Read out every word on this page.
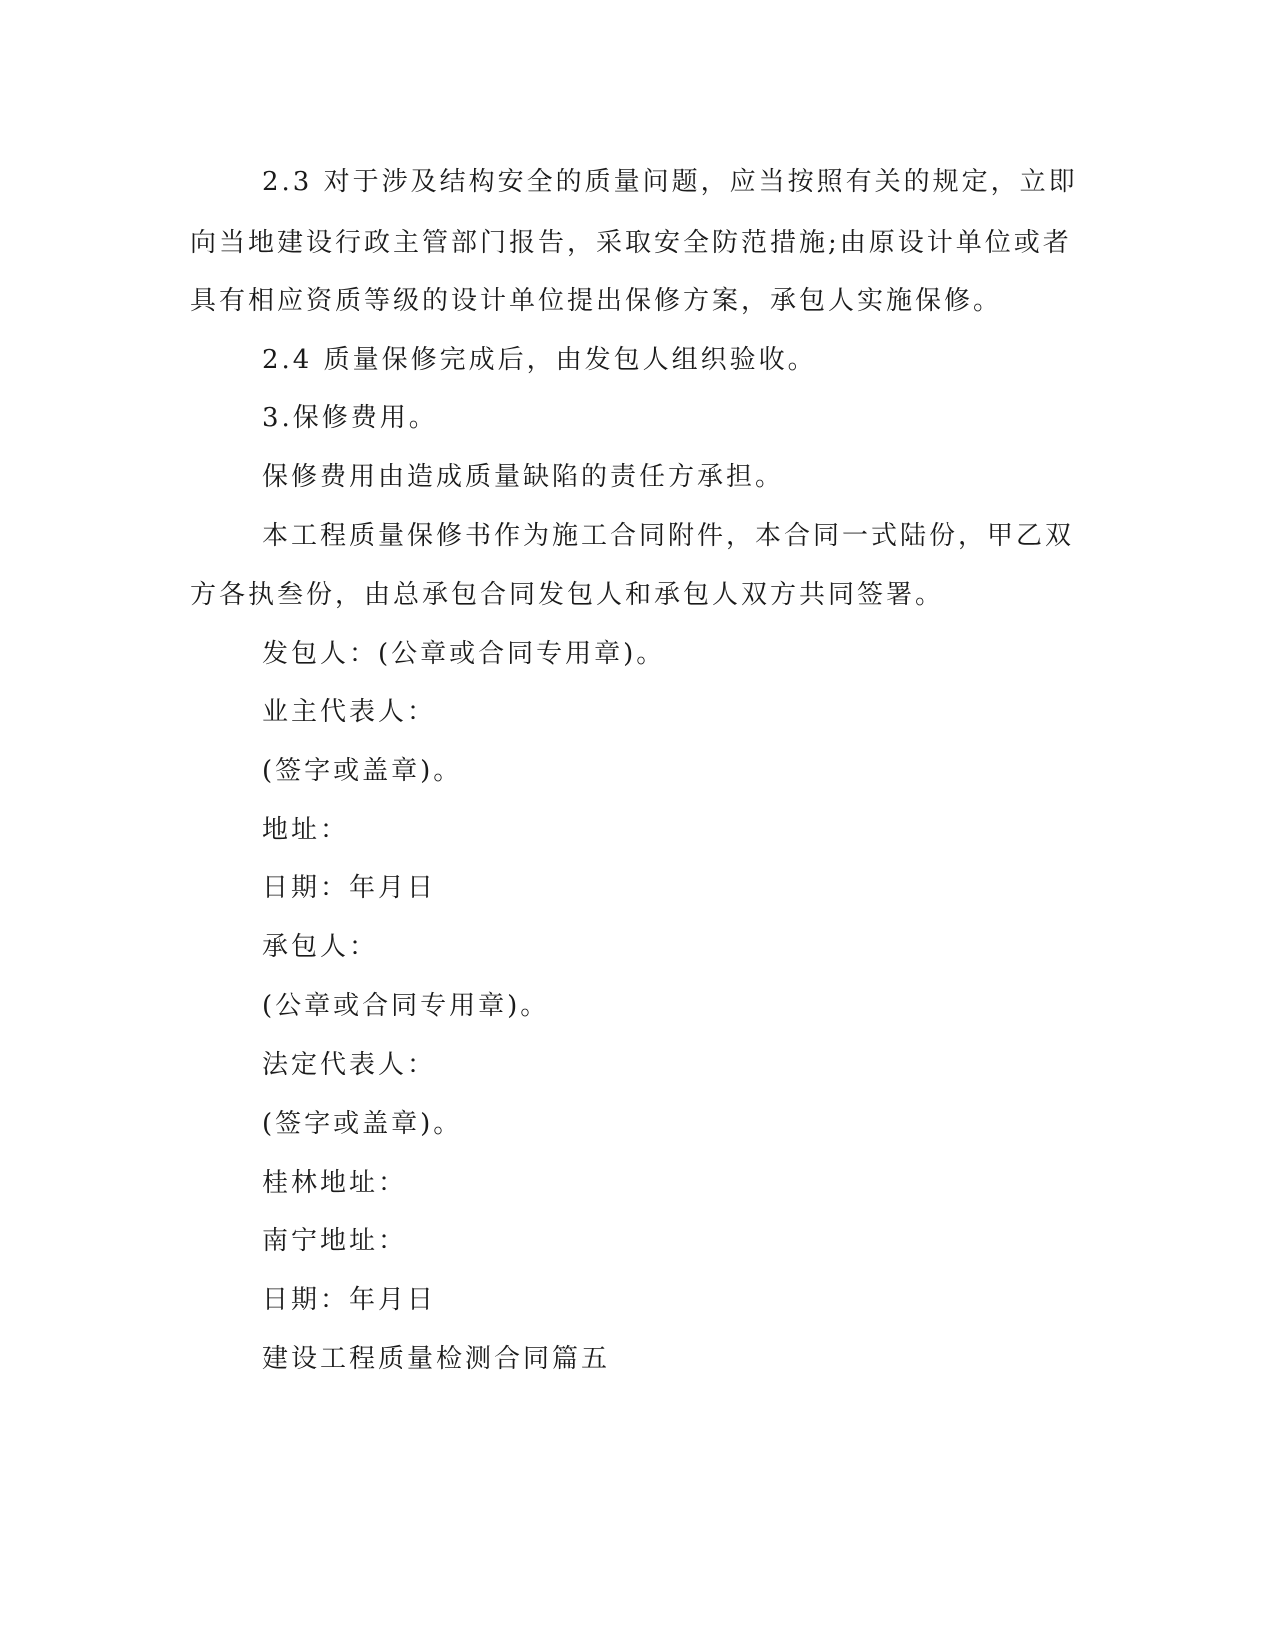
2.3 对于涉及结构安全的质量问题，应当按照有关的规定，立即
向当地建设行政主管部门报告，采取安全防范措施;由原设计单位或者
具有相应资质等级的设计单位提出保修方案，承包人实施保修。
2.4 质量保修完成后，由发包人组织验收。
3.保修费用。
保修费用由造成质量缺陷的责任方承担。
本工程质量保修书作为施工合同附件，本合同一式陆份，甲乙双
方各执叁份，由总承包合同发包人和承包人双方共同签署。
发包人：(公章或合同专用章)。
业主代表人：
(签字或盖章)。
地址：
日期：年月日
承包人：
(公章或合同专用章)。
法定代表人：
(签字或盖章)。
桂林地址：
南宁地址：
日期：年月日
建设工程质量检测合同篇五
